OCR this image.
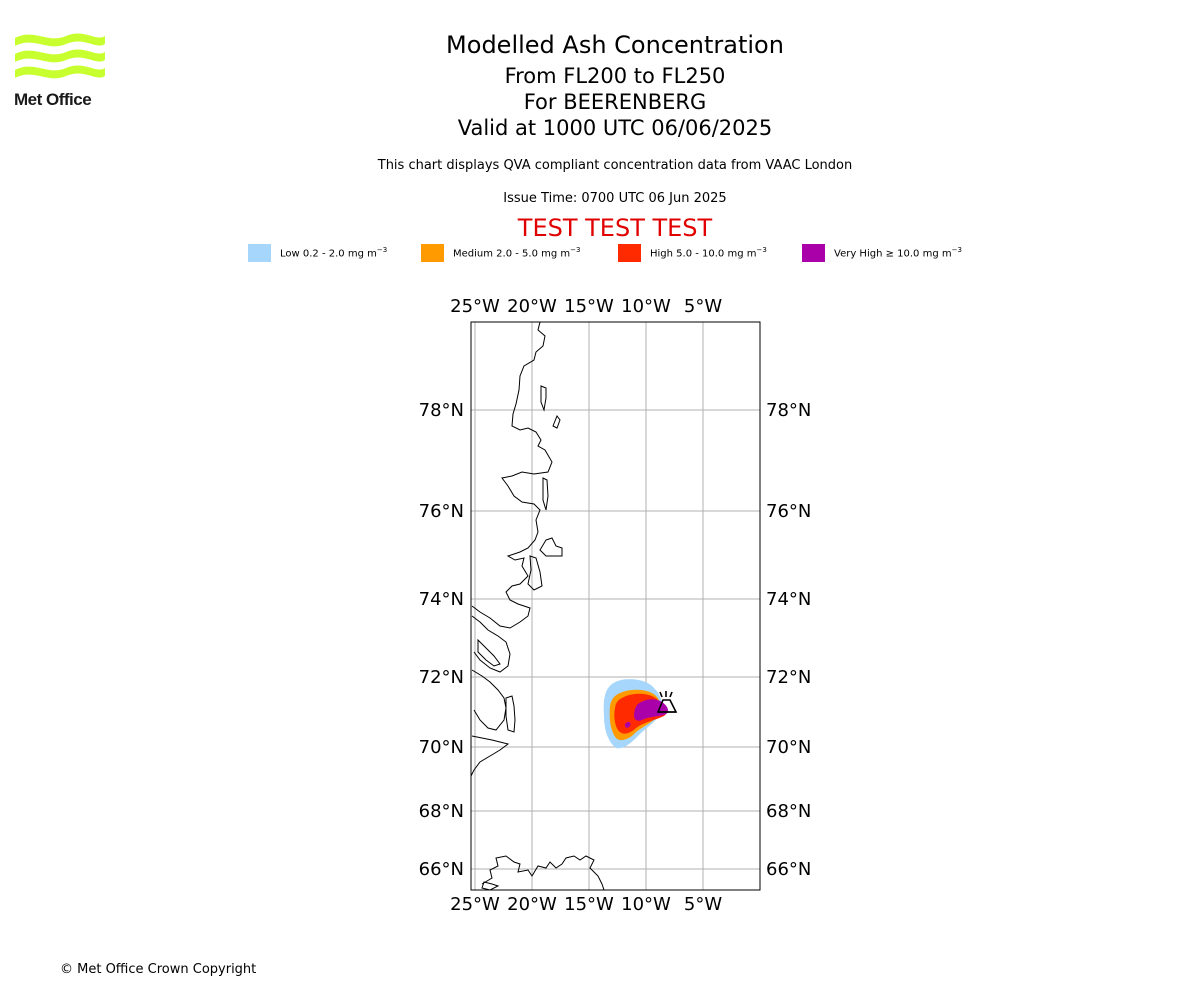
Met Office
Modelled Ash Concentration
From FL200 to FL250
For BEERENBERG
Valid at 1000 UTC 06/06/2025
This chart displays QVA compliant concentration data from VAAC London
Issue Time: 0700 UTC 06 Jun 2025
TEST TEST TEST
Low 0.2 - 2.0 mg $m^{-3}$	Medium 2.0 - 5.0 mg $m^{-3}$	High 5.0 - 10.0 mg $m^{-3}$	Very High ≥ 10.0 mg $m^{-3}$
25°W 20°W 15°W 10°W 5°W
25°W 20°W 15°W 10°W 5°W
78°N
76°N
74°N
72°N
70°N
68°N
66°N
78°N
76°N
74°N
72°N
70°N
68°N
66°N
© Met Office Crown Copyright
